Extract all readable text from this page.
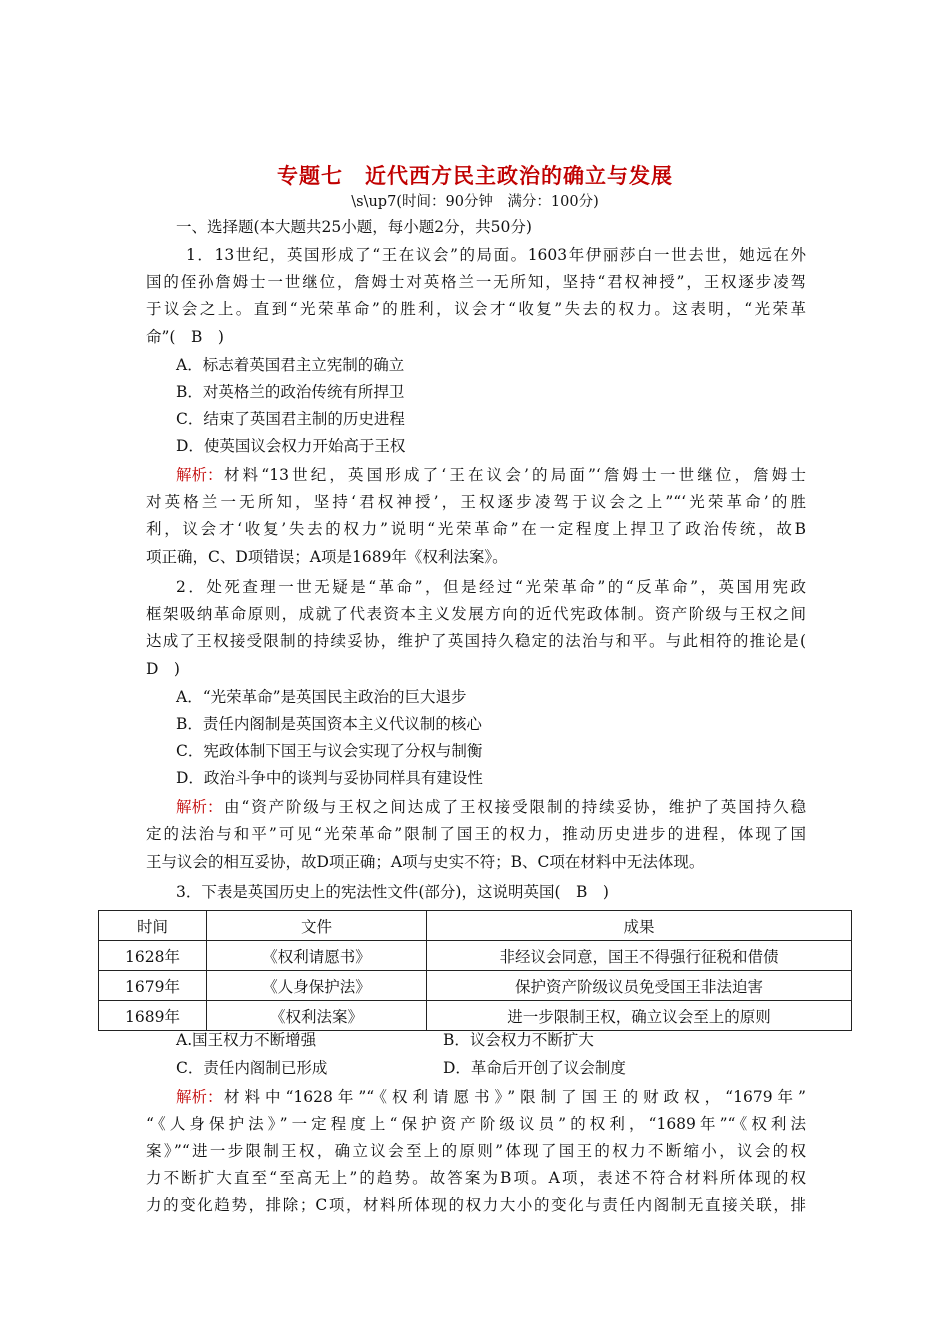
专题七　近代西方民主政治的确立与发展
\s\up7(时间：90分钟　满分：100分)
一、选择题(本大题共25小题，每小题2分，共50分)
1．13世纪，英国形成了“王在议会”的局面。1603年伊丽莎白一世去世，她远在外
国的侄孙詹姆士一世继位，詹姆士对英格兰一无所知，坚持“君权神授”，王权逐步凌驾
于议会之上。直到“光荣革命”的胜利，议会才“收复”失去的权力。这表明，“光荣革
命”(　B　)
A．标志着英国君主立宪制的确立
B．对英格兰的政治传统有所捍卫
C．结束了英国君主制的历史进程
D．使英国议会权力开始高于王权
解析： 材料“13世纪，英国形成了‘王在议会’的局面”‘詹姆士一世继位，詹姆士
对英格兰一无所知，坚持‘君权神授’，王权逐步凌驾于议会之上”“‘光荣革命’的胜
利，议会才‘收复’失去的权力”说明“光荣革命”在一定程度上捍卫了政治传统，故B
项正确，C、D项错误；A项是1689年《权利法案》。
2．处死查理一世无疑是“革命”，但是经过“光荣革命”的“反革命”，英国用宪政
框架吸纳革命原则，成就了代表资本主义发展方向的近代宪政体制。资产阶级与王权之间
达成了王权接受限制的持续妥协，维护了英国持久稳定的法治与和平。与此相符的推论是(
D　)
A．“光荣革命”是英国民主政治的巨大退步
B．责任内阁制是英国资本主义代议制的核心
C．宪政体制下国王与议会实现了分权与制衡
D．政治斗争中的谈判与妥协同样具有建设性
解析： 由“资产阶级与王权之间达成了王权接受限制的持续妥协，维护了英国持久稳
定的法治与和平”可见“光荣革命”限制了国王的权力，推动历史进步的进程，体现了国
王与议会的相互妥协，故D项正确；A项与史实不符；B、C项在材料中无法体现。
3．下表是英国历史上的宪法性文件(部分)，这说明英国(　B　)
时间	文件	成果
1628年	《权利请愿书》	非经议会同意，国王不得强行征税和借债
1679年	《人身保护法》	保护资产阶级议员免受国王非法迫害
1689年	《权利法案》	进一步限制王权，确立议会至上的原则
A.国王权力不断增强	B．议会权力不断扩大
C．责任内阁制已形成	D．革命后开创了议会制度
解析： 材料中“1628年”“《权利请愿书》”限制了国王的财政权，“1679年”
“《人身保护法》”一定程度上“保护资产阶级议员”的权利，“1689年”“《权利法
案》”“进一步限制王权，确立议会至上的原则”体现了国王的权力不断缩小，议会的权
力不断扩大直至“至高无上”的趋势。故答案为B项。A项，表述不符合材料所体现的权
力的变化趋势，排除；C项，材料所体现的权力大小的变化与责任内阁制无直接关联，排
